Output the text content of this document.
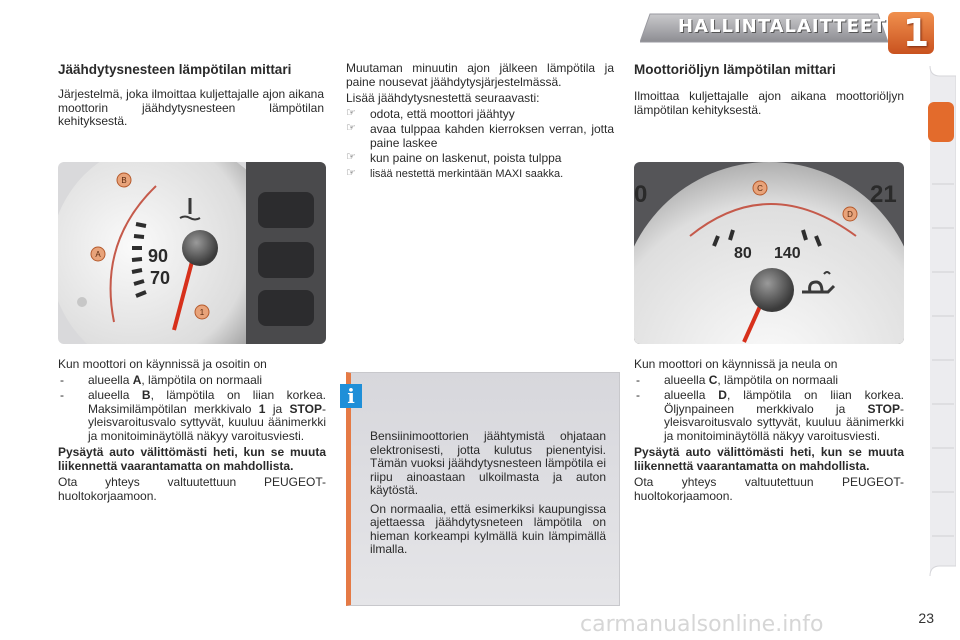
HALLINTALAITTEET 1
Jäähdytysnesteen lämpötilan mittari

Järjestelmä, joka ilmoittaa kuljettajalle ajon aikana moottorin jäähdytysnesteen lämpötilan kehityksestä.

B
A
1
90
70

Kun moottori on käynnissä ja osoitin on

- alueella A, lämpötila on normaali
- alueella B, lämpötila on liian korkea. Maksimilämpötilan merkkivalo 1 ja STOP-yleisvaroitusvalo syttyvät, kuuluu äänimerkki ja monitoiminäytöllä näkyy varoitusviesti.

Pysäytä auto välittömästi heti, kun se muuta liikennettä vaarantamatta on mahdollista.

Ota yhteys valtuutettuun PEUGEOT-huoltokorjaamoon.

Muutaman minuutin ajon jälkeen lämpötila ja paine nousevat jäähdytysjärjestelmässä.

Lisää jäähdytysnestettä seuraavasti:

☞ odota, että moottori jäähtyy
☞ avaa tulppaa kahden kierroksen verran, jotta paine laskee
☞ kun paine on laskenut, poista tulppa
☞ lisää nestettä merkintään MAXI saakka.
i

Bensiinimoottorien jäähtymistä ohjataan elektronisesti, jotta kulutus pienentyisi. Tämän vuoksi jäähdytysnesteen lämpötila ei riipu ainoastaan ulkoilmasta ja auton käytöstä.

On normaalia, että esimerkiksi kaupungissa ajettaessa jäähdytysneteen lämpötila on hieman korkeampi kylmällä kuin lämpimällä ilmalla.

Moottoriöljyn lämpötilan mittari

Ilmoittaa kuljettajalle ajon aikana moottoriöljyn lämpötilan kehityksestä.

0	21
80 140
C
D

Kun moottori on käynnissä ja neula on

- alueella C, lämpötila on normaali
- alueella D, lämpötila on liian korkea. Öljynpaineen merkkivalo ja STOP-yleisvaroitusvalo syttyvät, kuuluu äänimerkki ja monitoiminäytöllä näkyy varoitusviesti.

Pysäytä auto välittömästi heti, kun se muuta liikennettä vaarantamatta on mahdollista.

Ota yhteys valtuutettuun PEUGEOT-huoltokorjaamoon.

carmanualsonline.info	23
